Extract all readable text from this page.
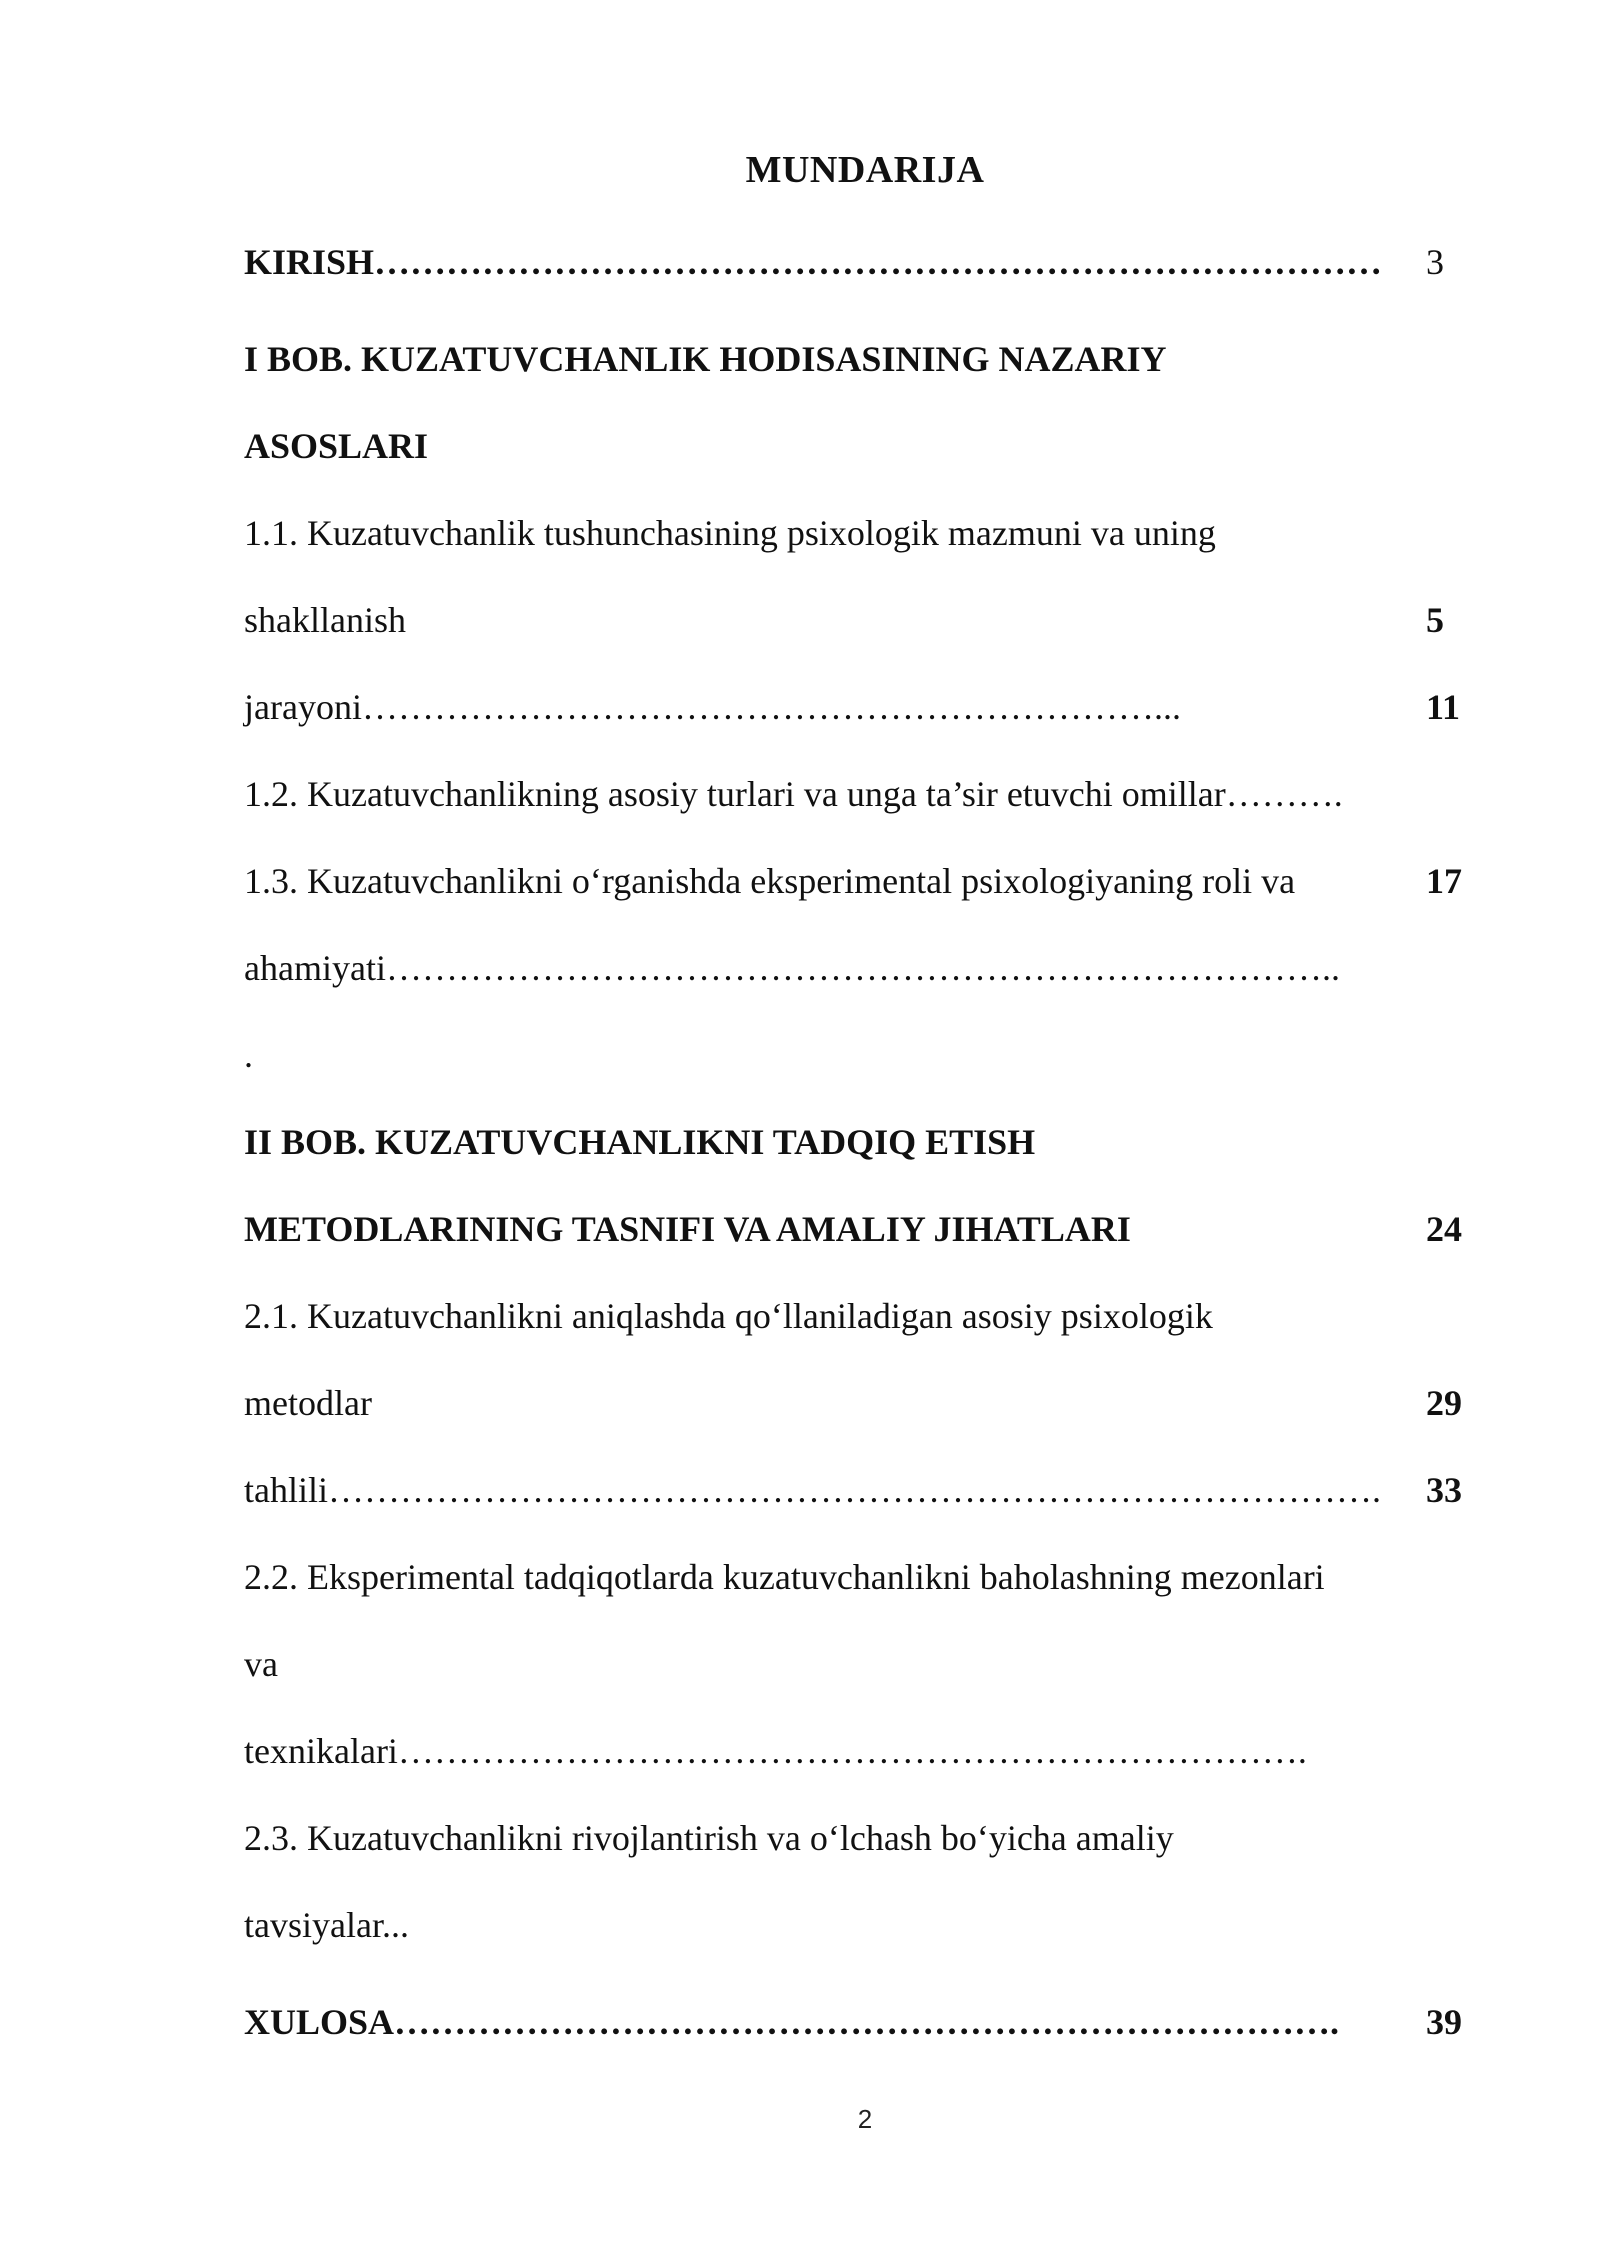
MUNDARIJA
KIRISH………………………………………………………………………… 3
I BOB. KUZATUVCHANLIK HODISASINING NAZARIY
ASOSLARI
1.1. Kuzatuvchanlik tushunchasining psixologik mazmuni va uning
shakllanish	5
jarayoni…………………………………………………………...	11
1.2. Kuzatuvchanlikning asosiy turlari va unga ta’sir etuvchi omillar……….
1.3. Kuzatuvchanlikni o‘rganishda eksperimental psixologiyaning roli va	17
ahamiyati……………………………………………………………………..
.
II BOB. KUZATUVCHANLIKNI TADQIQ ETISH
METODLARINING TASNIFI VA AMALIY JIHATLARI	24
2.1. Kuzatuvchanlikni aniqlashda qo‘llaniladigan asosiy psixologik
metodlar	29
tahlili……………………………………………………………………………. 33
2.2. Eksperimental tadqiqotlarda kuzatuvchanlikni baholashning mezonlari
va
texnikalari………………………………………………………………….
2.3. Kuzatuvchanlikni rivojlantirish va o‘lchash bo‘yicha amaliy
tavsiyalar...
XULOSA……………………………………………………………………. 39
2
